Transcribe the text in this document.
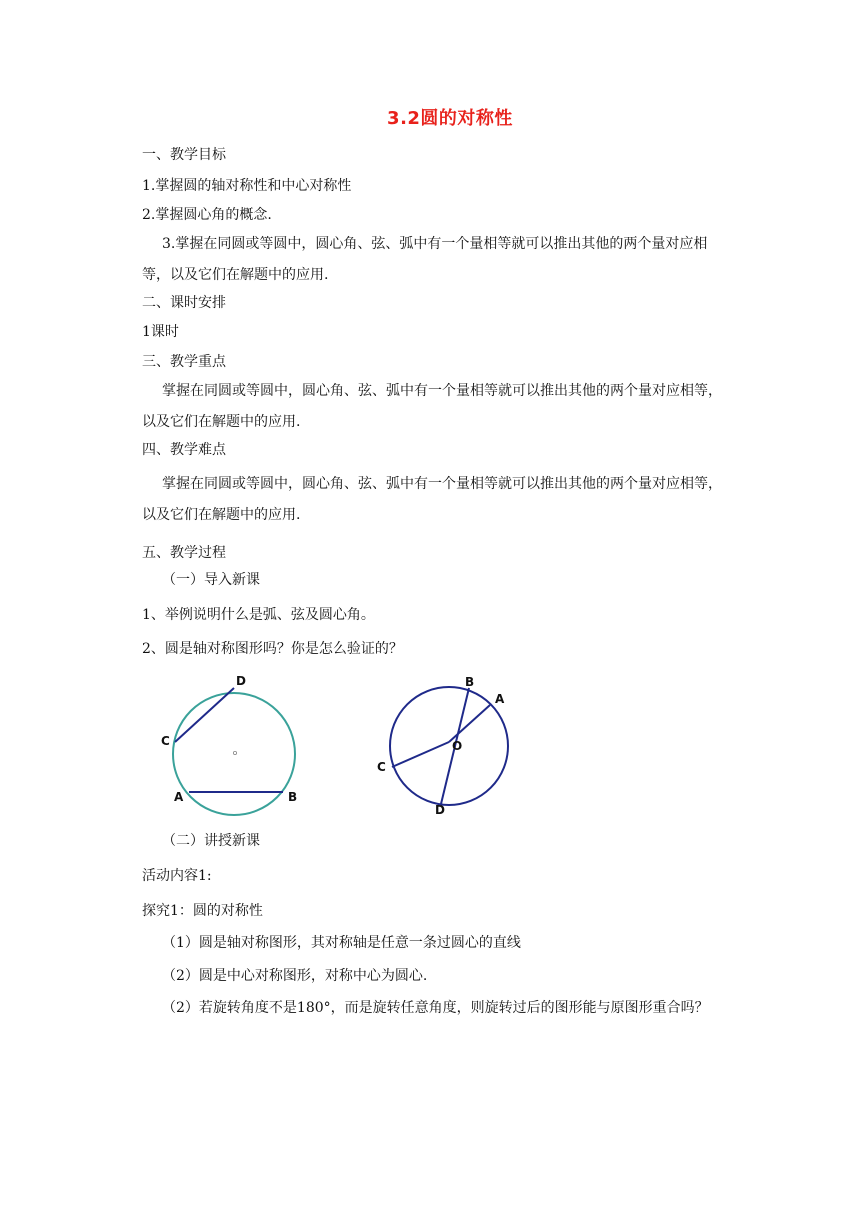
3.2圆的对称性
一、教学目标
1.掌握圆的轴对称性和中心对称性
2.掌握圆心角的概念.
3.掌握在同圆或等圆中，圆心角、弦、弧中有一个量相等就可以推出其他的两个量对应相等，以及它们在解题中的应用.
二、课时安排
1课时
三、教学重点
掌握在同圆或等圆中，圆心角、弦、弧中有一个量相等就可以推出其他的两个量对应相等，以及它们在解题中的应用.
四、教学难点
掌握在同圆或等圆中，圆心角、弦、弧中有一个量相等就可以推出其他的两个量对应相等，以及它们在解题中的应用.
五、教学过程
（一）导入新课
1、举例说明什么是弧、弦及圆心角。
2、圆是轴对称图形吗？你是怎么验证的？
D
C
A	B
B
A
O
C
D
（二）讲授新课
活动内容1:
探究1：圆的对称性
（1）圆是轴对称图形，其对称轴是任意一条过圆心的直线
（2）圆是中心对称图形，对称中心为圆心.
（2）若旋转角度不是180°，而是旋转任意角度，则旋转过后的图形能与原图形重合吗？
